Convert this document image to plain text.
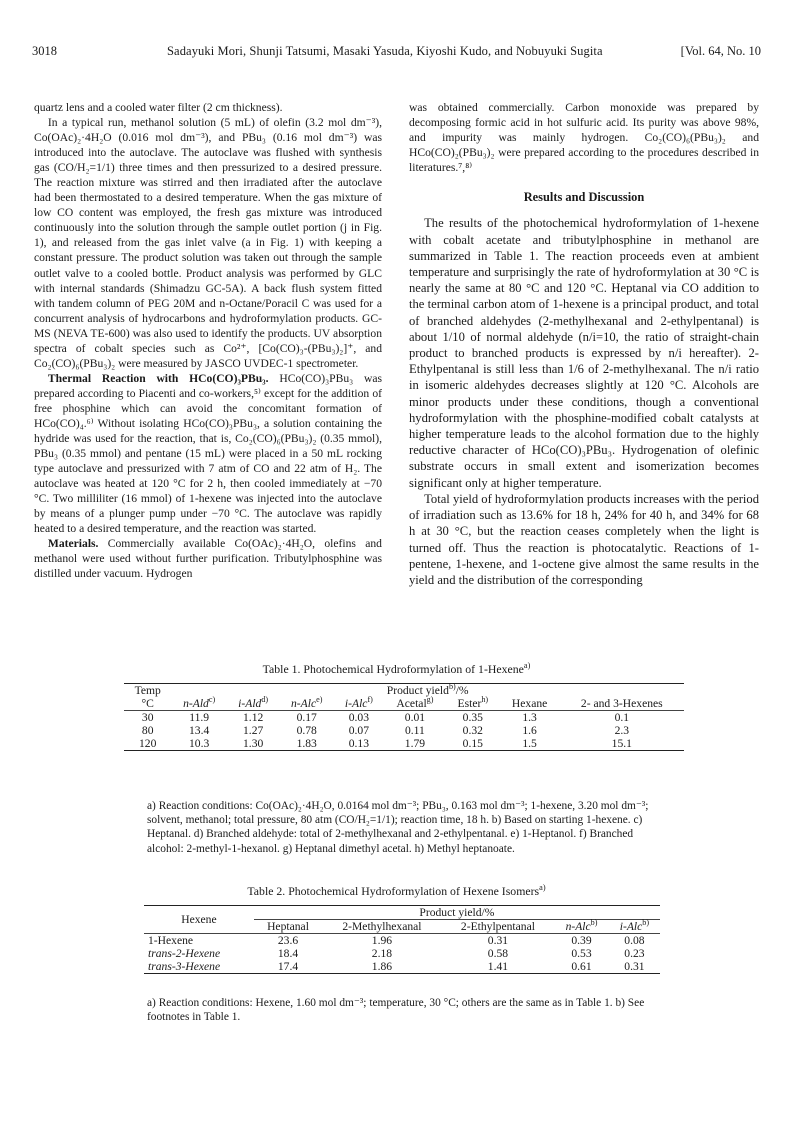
3018	Sadayuki Mori, Shunji Tatsumi, Masaki Yasuda, Kiyoshi Kudo, and Nobuyuki Sugita	[Vol. 64, No. 10

quartz lens and a cooled water filter (2 cm thickness).

In a typical run, methanol solution (5 mL) of olefin (3.2 mol dm⁻³), Co(OAc)₂·4H₂O (0.016 mol dm⁻³), and PBu₃ (0.16 mol dm⁻³) was introduced into the autoclave. The autoclave was flushed with synthesis gas (CO/H₂=1/1) three times and then pressurized to a desired pressure. The reaction mixture was stirred and then irradiated after the autoclave had been thermostated to a desired temperature. When the gas mixture of low CO content was employed, the fresh gas mixture was introduced continuously into the solution through the sample outlet portion (j in Fig. 1), and released from the gas inlet valve (a in Fig. 1) with keeping a constant pressure. The product solution was taken out through the sample outlet valve to a cooled bottle. Product analysis was performed by GLC with internal standards (Shimadzu GC-5A). A back flush system fitted with tandem column of PEG 20M and n-Octane/Poracil C was used for a concurrent analysis of hydrocarbons and hydroformylation products. GC-MS (NEVA TE-600) was also used to identify the products. UV absorption spectra of cobalt species such as Co²⁺, [Co(CO)₃-(PBu₃)₂]⁺, and Co₂(CO)₆(PBu₃)₂ were measured by JASCO UVDEC-1 spectrometer.

Thermal Reaction with HCo(CO)₃PBu₃. HCo(CO)₃PBu₃ was prepared according to Piacenti and co-workers,⁵⁾ except for the addition of free phosphine which can avoid the concomitant formation of HCo(CO)₄.⁶⁾ Without isolating HCo(CO)₃PBu₃, a solution containing the hydride was used for the reaction, that is, Co₂(CO)₆(PBu₃)₂ (0.35 mmol), PBu₃ (0.35 mmol) and pentane (15 mL) were placed in a 50 mL rocking type autoclave and pressurized with 7 atm of CO and 22 atm of H₂. The autoclave was heated at 120 °C for 2 h, then cooled immediately at −70 °C. Two milliliter (16 mmol) of 1-hexene was injected into the autoclave by means of a plunger pump under −70 °C. The autoclave was rapidly heated to a desired temperature, and the reaction was started.

Materials. Commercially available Co(OAc)₂·4H₂O, olefins and methanol were used without further purification. Tributylphosphine was distilled under vacuum. Hydrogen

was obtained commercially. Carbon monoxide was prepared by decomposing formic acid in hot sulfuric acid. Its purity was above 98%, and impurity was mainly hydrogen. Co₂(CO)₆(PBu₃)₂ and HCo(CO)₂(PBu₃)₂ were prepared according to the procedures described in literatures.⁷,⁸⁾

Results and Discussion

The results of the photochemical hydroformylation of 1-hexene with cobalt acetate and tributylphosphine in methanol are summarized in Table 1. The reaction proceeds even at ambient temperature and surprisingly the rate of hydroformylation at 30 °C is nearly the same at 80 °C and 120 °C. Heptanal via CO addition to the terminal carbon atom of 1-hexene is a principal product, and total of branched aldehydes (2-methylhexanal and 2-ethylpentanal) is about 1/10 of normal aldehyde (n/i=10, the ratio of straight-chain product to branched products is expressed by n/i hereafter). 2-Ethylpentanal is still less than 1/6 of 2-methylhexanal. The n/i ratio in isomeric aldehydes decreases slightly at 120 °C. Alcohols are minor products under these conditions, though a conventional hydroformylation with the phosphine-modified cobalt catalysts at higher temperature leads to the alcohol formation due to the highly reductive character of HCo(CO)₃PBu₃. Hydrogenation of olefinic substrate occurs in small extent and isomerization becomes significant only at higher temperature.

Total yield of hydroformylation products increases with the period of irradiation such as 13.6% for 18 h, 24% for 40 h, and 34% for 68 h at 30 °C, but the reaction ceases completely when the light is turned off. Thus the reaction is photocatalytic. Reactions of 1-pentene, 1-hexene, and 1-octene give almost the same results in the yield and the distribution of the corresponding

Table 1. Photochemical Hydroformylation of 1-Hexene$^{a)}$
Temp	Product yield$^{b)}$/%							
°C	n-Ald$^{c)}$	i-Ald$^{d)}$	n-Alc$^{e)}$	i-Alc$^{f)}$	Acetal$^{g)}$	Ester$^{h)}$	Hexane	2- and 3-Hexenes
30	11.9	1.12	0.17	0.03	0.01	0.35	1.3	0.1
80	13.4	1.27	0.78	0.07	0.11	0.32	1.6	2.3
120	10.3	1.30	1.83	0.13	1.79	0.15	1.5	15.1
a) Reaction conditions: Co(OAc)₂·4H₂O, 0.0164 mol dm⁻³; PBu₃, 0.163 mol dm⁻³; 1-hexene, 3.20 mol dm⁻³; solvent, methanol; total pressure, 80 atm (CO/H₂=1/1); reaction time, 18 h. b) Based on starting 1-hexene. c) Heptanal. d) Branched aldehyde: total of 2-methylhexanal and 2-ethylpentanal. e) 1-Heptanol. f) Branched alcohol: 2-methyl-1-hexanol. g) Heptanal dimethyl acetal. h) Methyl heptanoate.
Table 2. Photochemical Hydroformylation of Hexene Isomers$^{a)}$
Hexene	Product yield/%				
	Heptanal	2-Methylhexanal	2-Ethylpentanal	n-Alc$^{b)}$	i-Alc$^{b)}$
1-Hexene	23.6	1.96	0.31	0.39	0.08
trans-2-Hexene	18.4	2.18	0.58	0.53	0.23
trans-3-Hexene	17.4	1.86	1.41	0.61	0.31
a) Reaction conditions: Hexene, 1.60 mol dm⁻³; temperature, 30 °C; others are the same as in Table 1. b) See footnotes in Table 1.
